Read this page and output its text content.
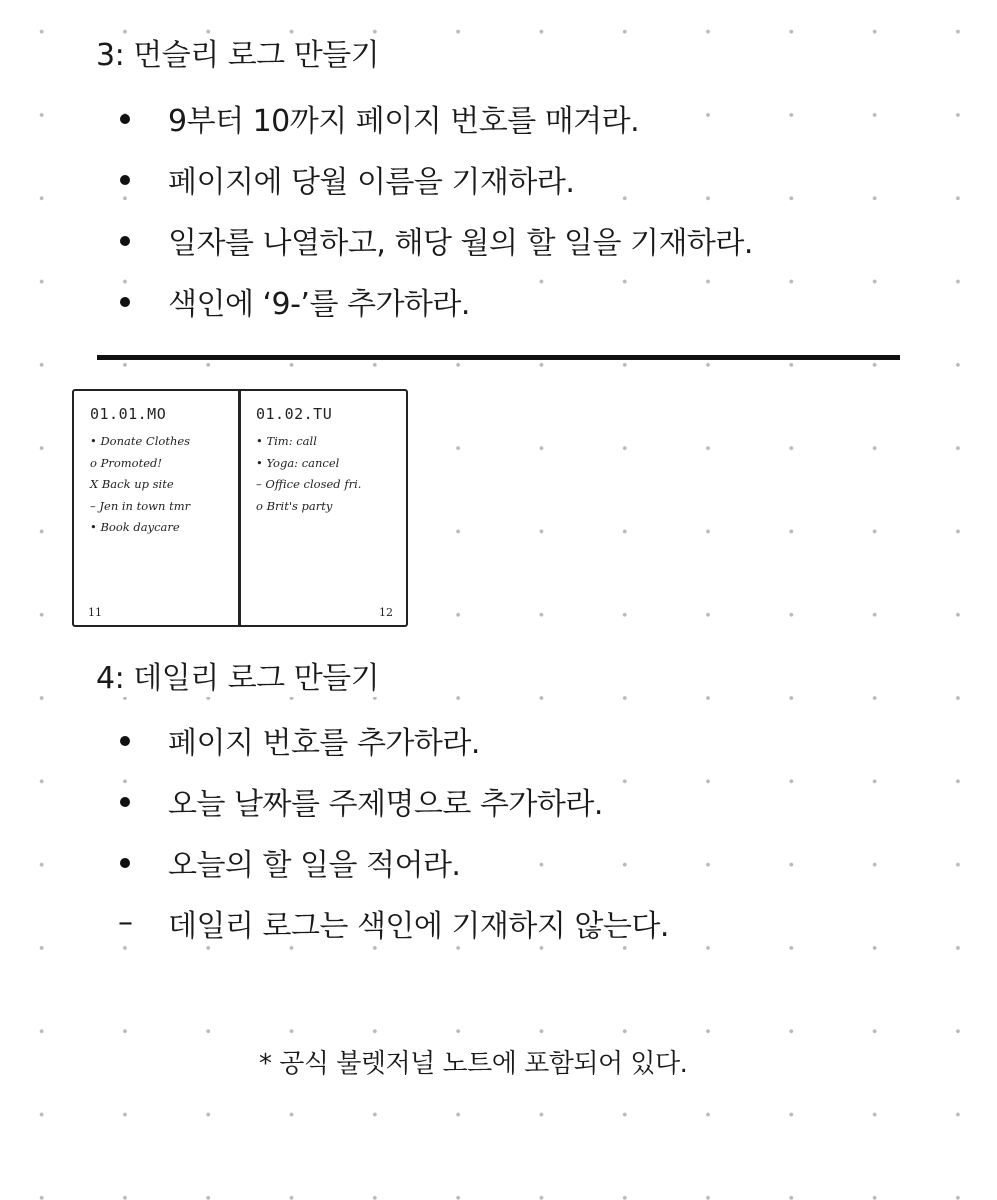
3: 먼슬리 로그 만들기
9부터 10까지 페이지 번호를 매겨라.
페이지에 당월 이름을 기재하라.
일자를 나열하고, 해당 월의 할 일을 기재하라.
색인에 ‘9-’를 추가하라.
01.01.MO
• Donate Clothes
o Promoted!
X Back up site
– Jen in town tmr
• Book daycare
11
01.02.TU
• Tim: call
• Yoga: cancel
– Office closed fri.
o Brit's party
12
4: 데일리 로그 만들기
페이지 번호를 추가하라.
오늘 날짜를 주제명으로 추가하라.
오늘의 할 일을 적어라.
–	데일리 로그는 색인에 기재하지 않는다.
* 공식 불렛저널 노트에 포함되어 있다.
